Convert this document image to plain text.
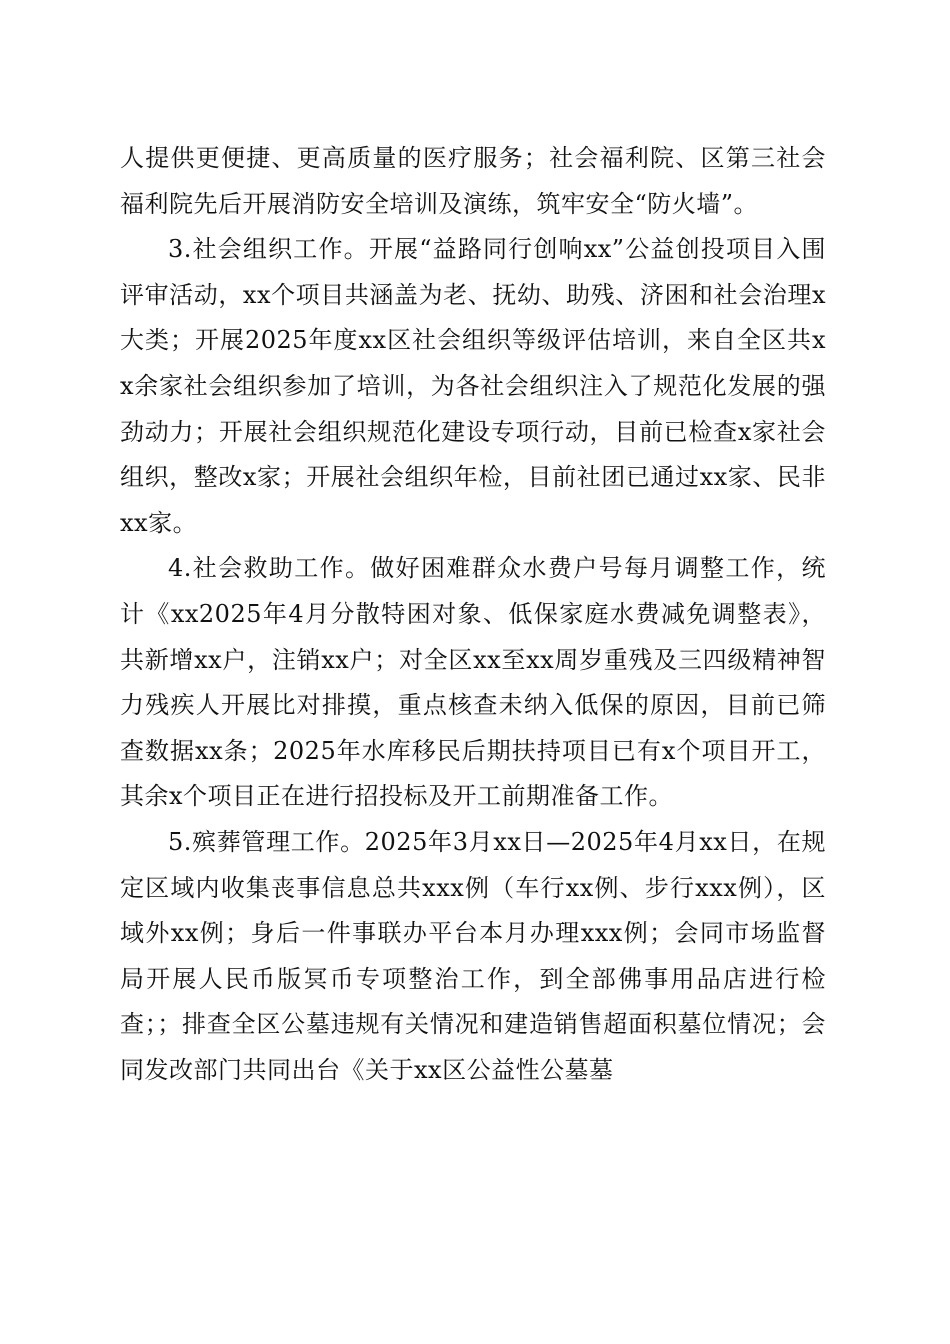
人提供更便捷、更高质量的医疗服务；社会福利院、区第三社会福利院先后开展消防安全培训及演练，筑牢安全“防火墙”。

3.社会组织工作。开展“益路同行创响xx”公益创投项目入围评审活动，xx个项目共涵盖为老、抚幼、助残、济困和社会治理x大类；开展2025年度xx区社会组织等级评估培训，来自全区共xx余家社会组织参加了培训，为各社会组织注入了规范化发展的强劲动力；开展社会组织规范化建设专项行动，目前已检查x家社会组织，整改x家；开展社会组织年检，目前社团已通过xx家、民非xx家。

4.社会救助工作。做好困难群众水费户号每月调整工作，统计《xx2025年4月分散特困对象、低保家庭水费减免调整表》，共新增xx户，注销xx户；对全区xx至xx周岁重残及三四级精神智力残疾人开展比对排摸，重点核查未纳入低保的原因，目前已筛查数据xx条；2025年水库移民后期扶持项目已有x个项目开工，其余x个项目正在进行招投标及开工前期准备工作。

5.殡葬管理工作。2025年3月xx日—2025年4月xx日，在规定区域内收集丧事信息总共xxx例（车行xx例、步行xxx例），区域外xx例；身后一件事联办平台本月办理xxx例；会同市场监督局开展人民币版冥币专项整治工作，到全部佛事用品店进行检查；；排查全区公墓违规有关情况和建造销售超面积墓位情况；会同发改部门共同出台《关于xx区公益性公墓墓
